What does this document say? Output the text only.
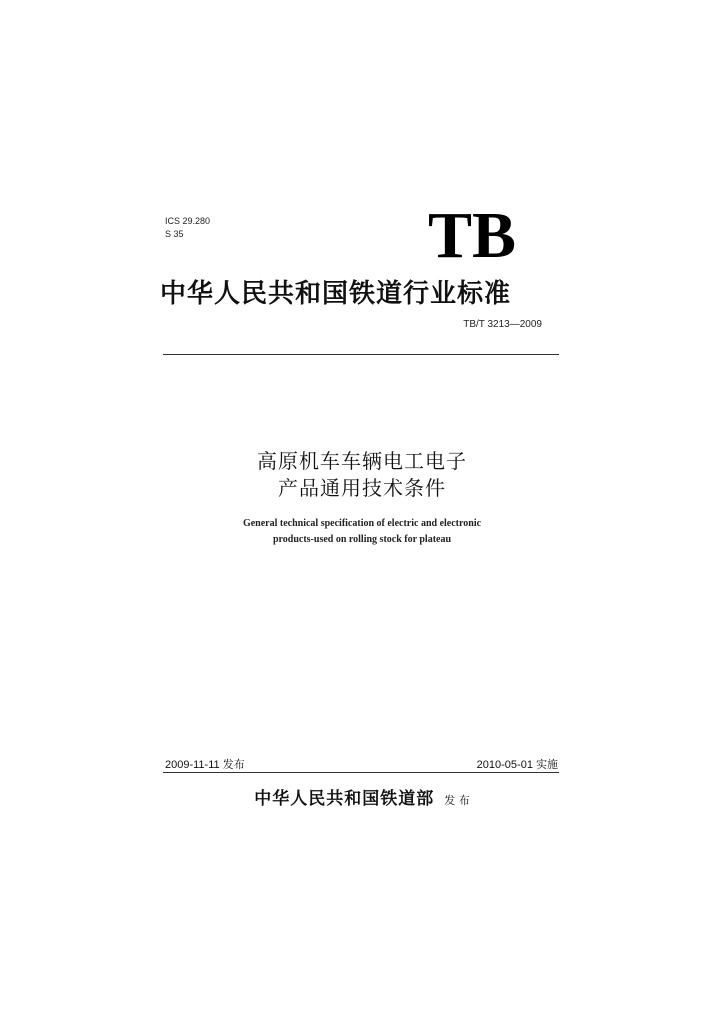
ICS 29.280
S 35	TB
中华人民共和国铁道行业标准
TB/T 3213—2009
高原机车车辆电工电子
产品通用技术条件
General technical specification of electric and electronic
products-used on rolling stock for plateau
2009-11-11 发布	2010-05-01 实施
中华人民共和国铁道部 发 布
